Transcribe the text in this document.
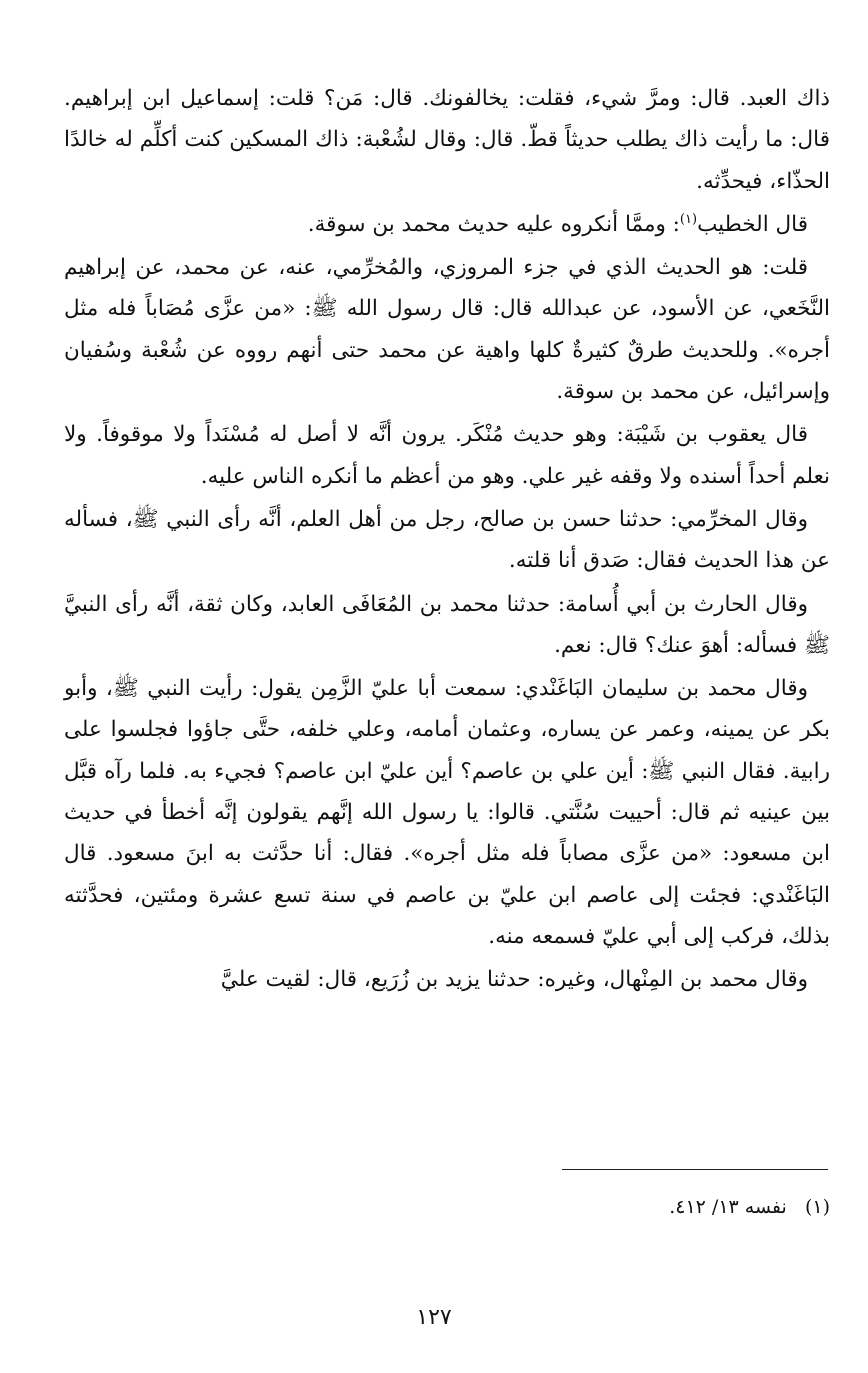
ذاك العبد. قال: ومرَّ شيء، فقلت: يخالفونك. قال: مَن؟ قلت: إسماعيل ابن إبراهيم. قال: ما رأيت ذاك يطلب حديثاً قطّ. قال: وقال لشُعْبة: ذاك المسكين كنت أكلِّم له خالدًا الحذّاء، فيحدِّثه.

قال الخطيب$^{(١)}$: وممَّا أنكروه عليه حديث محمد بن سوقة.

قلت: هو الحديث الذي في جزء المروزي، والمُخرِّمي، عنه، عن محمد، عن إبراهيم النَّخَعي، عن الأسود، عن عبدالله قال: قال رسول الله ﷺ: «من عزَّى مُصَاباً فله مثل أجره». وللحديث طرقٌ كثيرةٌ كلها واهية عن محمد حتى أنهم رووه عن شُعْبة وسُفيان وإسرائيل، عن محمد بن سوقة.

قال يعقوب بن شَيْبَة: وهو حديث مُنْكَر. يرون أنَّه لا أصل له مُسْنَداً ولا موقوفاً. ولا نعلم أحداً أسنده ولا وقفه غير علي. وهو من أعظم ما أنكره الناس عليه.

وقال المخرِّمي: حدثنا حسن بن صالح، رجل من أهل العلم، أنَّه رأى النبي ﷺ، فسأله عن هذا الحديث فقال: صَدق أنا قلته.

وقال الحارث بن أبي أُسامة: حدثنا محمد بن المُعَافَى العابد، وكان ثقة، أنَّه رأى النبيَّ ﷺ فسأله: أهوَ عنك؟ قال: نعم.

وقال محمد بن سليمان البَاغَنْدي: سمعت أبا عليّ الزَّمِن يقول: رأيت النبي ﷺ، وأبو بكر عن يمينه، وعمر عن يساره، وعثمان أمامه، وعلي خلفه، حتَّى جاؤوا فجلسوا على رابية. فقال النبي ﷺ: أين علي بن عاصم؟ أين عليّ ابن عاصم؟ فجيء به. فلما رآه قبَّل بين عينيه ثم قال: أحييت سُنَّتي. قالوا: يا رسول الله إنَّهم يقولون إنَّه أخطأ في حديث ابن مسعود: «من عزَّى مصاباً فله مثل أجره». فقال: أنا حدَّثت به ابنَ مسعود. قال البَاغَنْدي: فجئت إلى عاصم ابن عليّ بن عاصم في سنة تسع عشرة ومئتين، فحدَّثته بذلك، فركب إلى أبي عليّ فسمعه منه.

وقال محمد بن المِنْهال، وغيره: حدثنا يزيد بن زُرَيع، قال: لقيت عليَّ

(١)   نفسه ١٣/ ٤١٢.
١٢٧
